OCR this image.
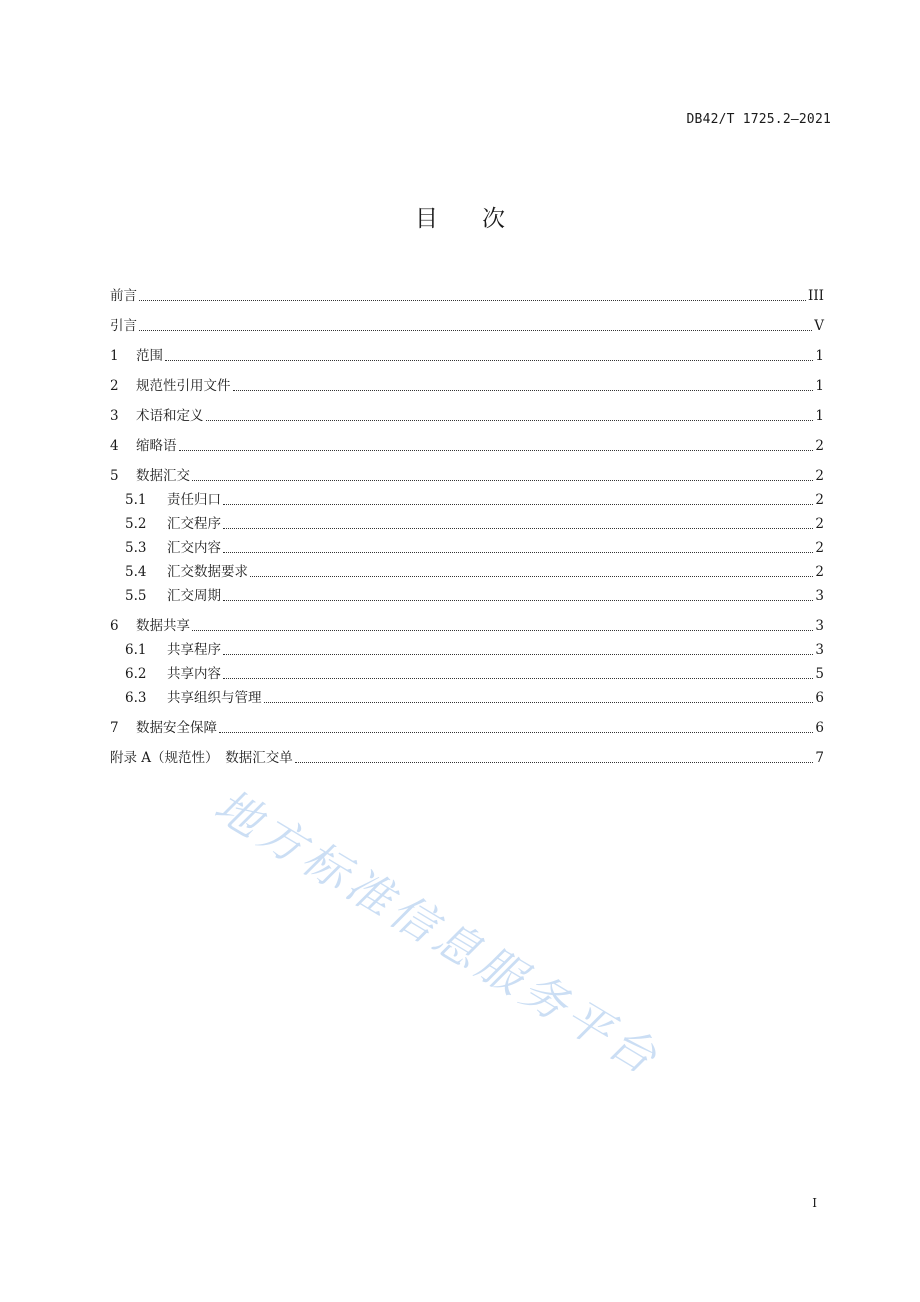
DB42/T 1725.2—2021
目次
前言	III
引言	V
1	范围	1
2	规范性引用文件	1
3	术语和定义	1
4	缩略语	2
5	数据汇交	2
5.1	责任归口	2
5.2	汇交程序	2
5.3	汇交内容	2
5.4	汇交数据要求	2
5.5	汇交周期	3
6	数据共享	3
6.1	共享程序	3
6.2	共享内容	5
6.3	共享组织与管理	6
7	数据安全保障	6
附录 A（规范性）　数据汇交单	7
地方标准信息服务平台
I
